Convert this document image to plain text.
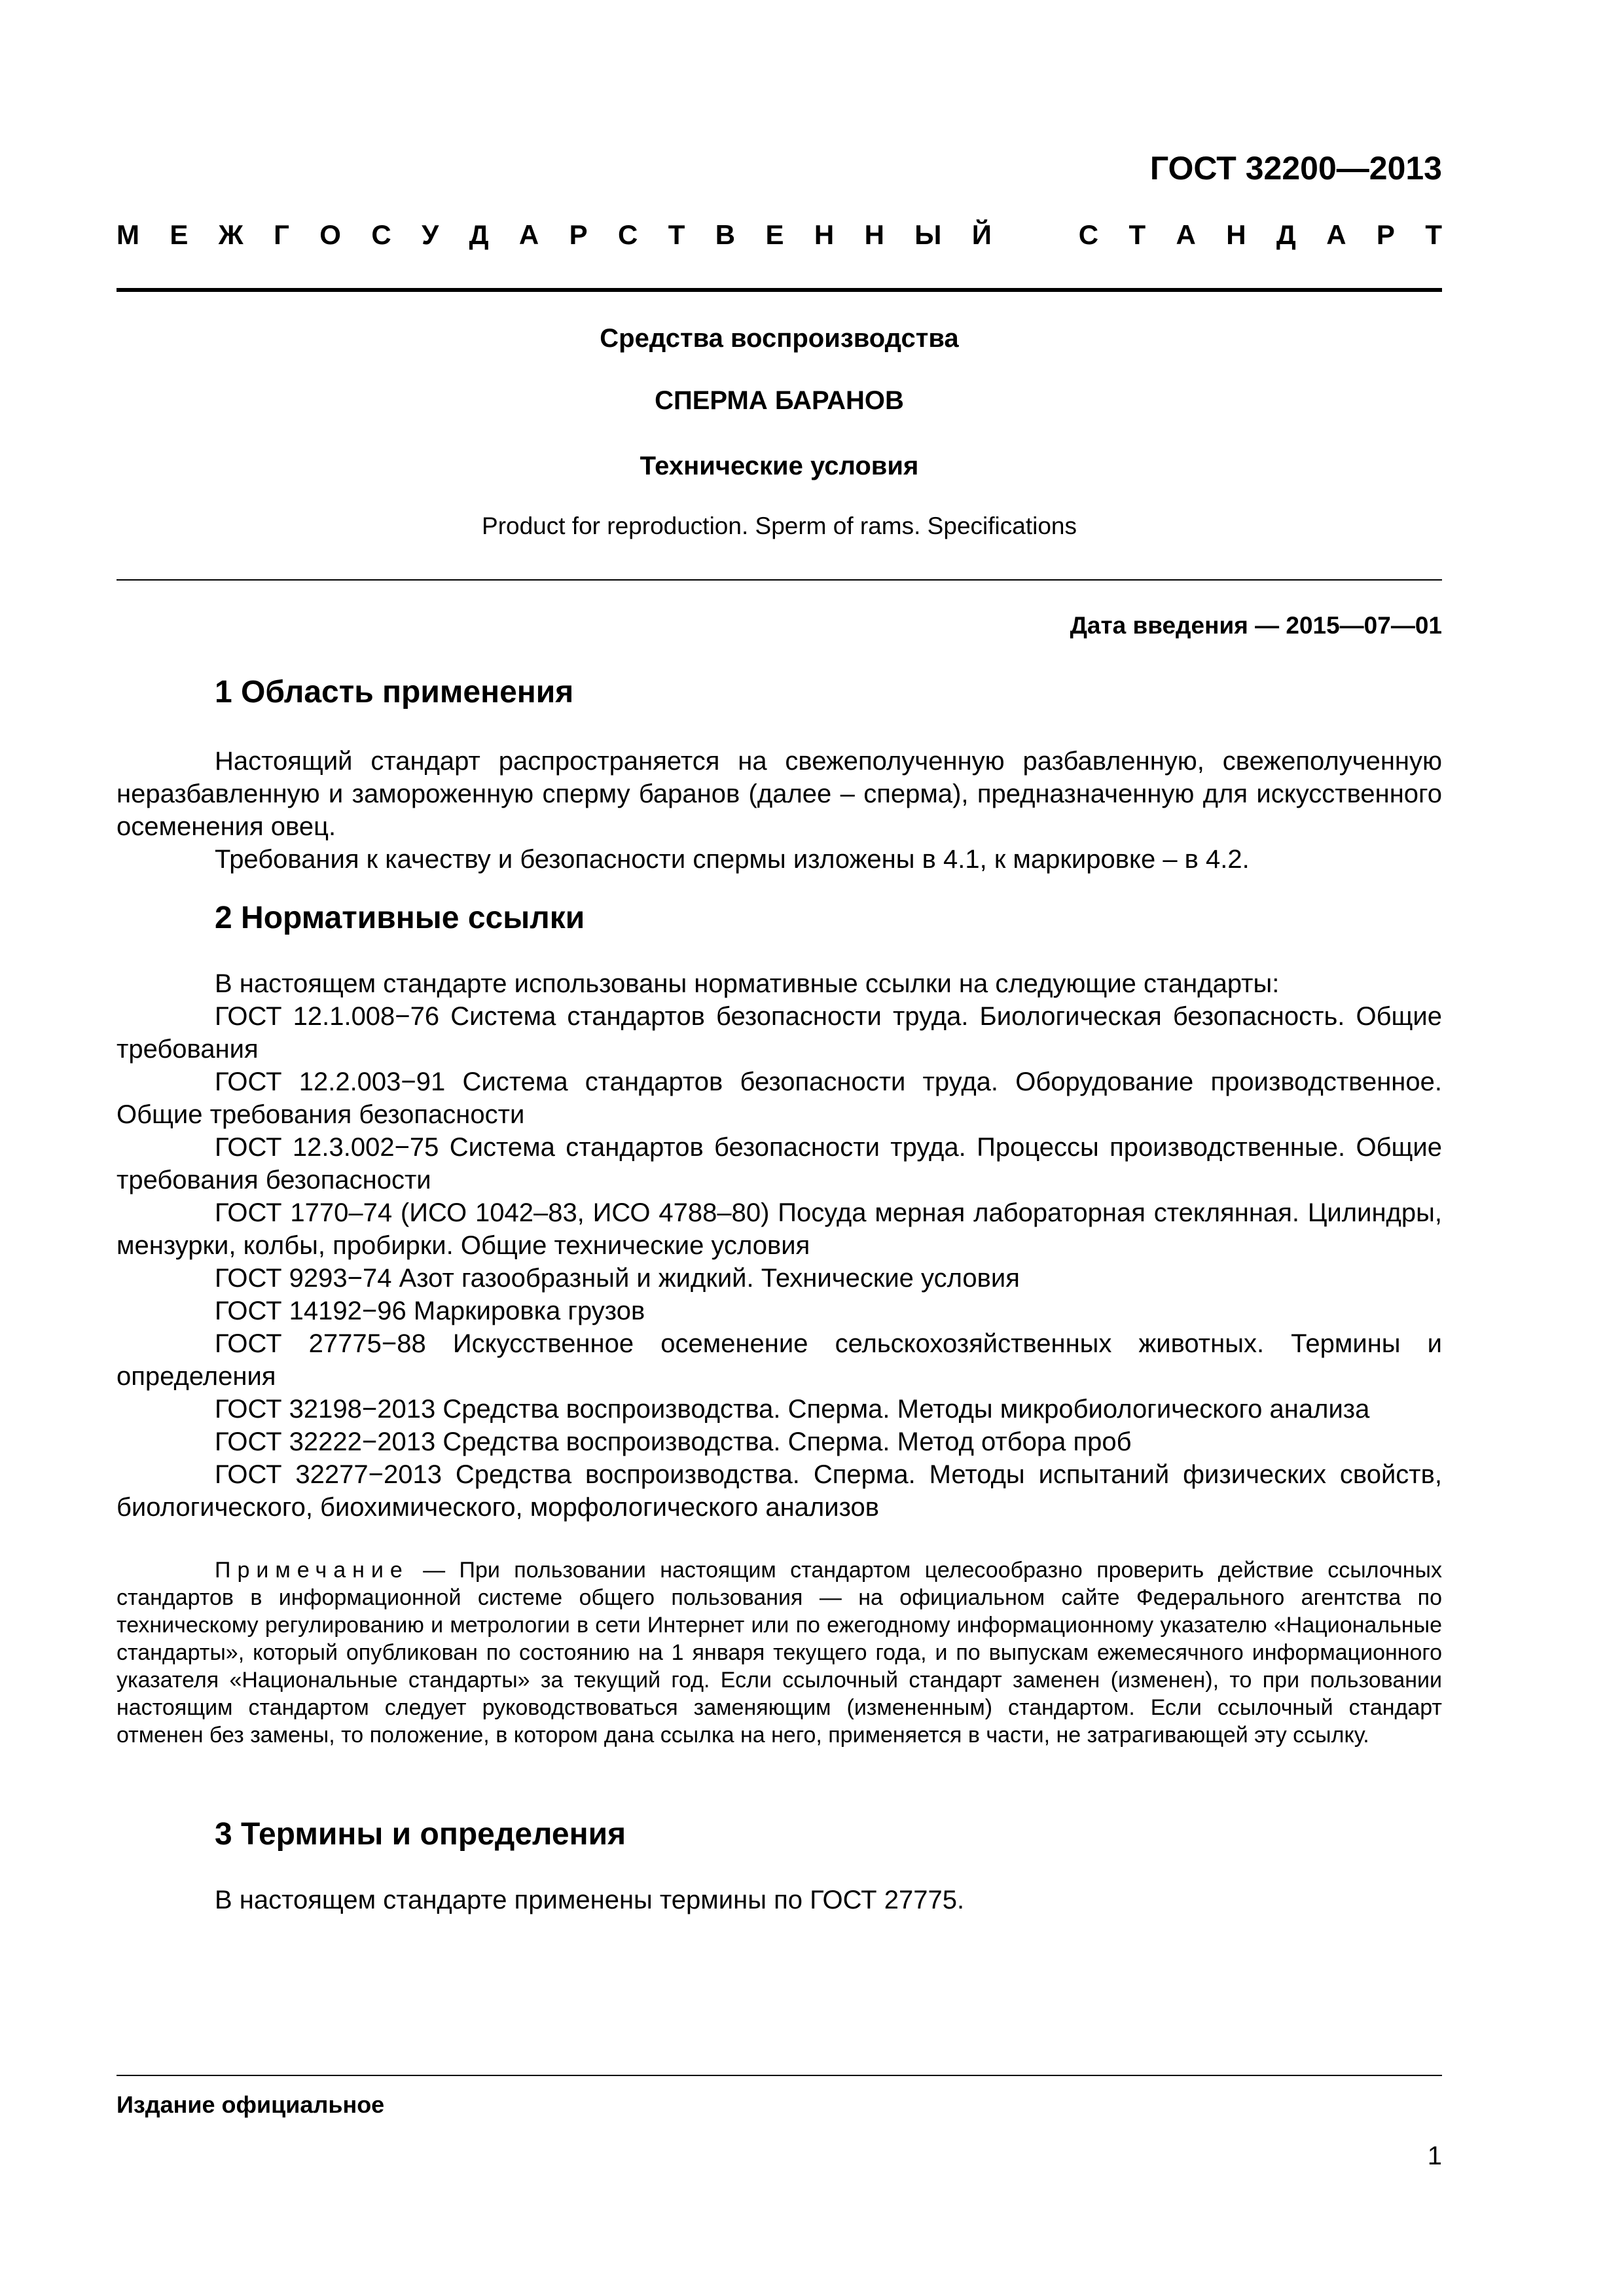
ГОСТ 32200—2013
М Е Ж Г О С У Д А Р С Т В Е Н Н Ы Й	С Т А Н Д А Р Т
Средства воспроизводства
СПЕРМА БАРАНОВ
Технические условия
Product for reproduction. Sperm of rams. Specifications
Дата введения — 2015—07—01
1 Область применения

Настоящий стандарт распространяется на свежеполученную разбавленную, свежеполученную неразбавленную и замороженную сперму баранов (далее – сперма), предназначенную для искусственного осеменения овец.

Требования к качеству и безопасности спермы изложены в 4.1, к маркировке – в 4.2.

2 Нормативные ссылки

В настоящем стандарте использованы нормативные ссылки на следующие стандарты:

ГОСТ 12.1.008−76 Система стандартов безопасности труда. Биологическая безопасность. Общие требования

ГОСТ 12.2.003−91 Система стандартов безопасности труда. Оборудование производственное. Общие требования безопасности

ГОСТ 12.3.002−75 Система стандартов безопасности труда. Процессы производственные. Общие требования безопасности

ГОСТ 1770–74 (ИСО 1042–83, ИСО 4788–80) Посуда мерная лабораторная стеклянная. Цилиндры, мензурки, колбы, пробирки. Общие технические условия

ГОСТ 9293−74 Азот газообразный и жидкий. Технические условия

ГОСТ 14192−96 Маркировка грузов

ГОСТ 27775−88 Искусственное осеменение сельскохозяйственных животных. Термины и определения

ГОСТ 32198−2013 Средства воспроизводства. Сперма. Методы микробиологического анализа

ГОСТ 32222−2013 Средства воспроизводства. Сперма. Метод отбора проб

ГОСТ 32277−2013 Средства воспроизводства. Сперма. Методы испытаний физических свойств, биологического, биохимического, морфологического анализов

Примечание — При пользовании настоящим стандартом целесообразно проверить действие ссылочных стандартов в информационной системе общего пользования — на официальном сайте Федерального агентства по техническому регулированию и метрологии в сети Интернет или по ежегодному информационному указателю «Национальные стандарты», который опубликован по состоянию на 1 января текущего года, и по выпускам ежемесячного информационного указателя «Национальные стандарты» за текущий год. Если ссылочный стандарт заменен (изменен), то при пользовании настоящим стандартом следует руководствоваться заменяющим (измененным) стандартом. Если ссылочный стандарт отменен без замены, то положение, в котором дана ссылка на него, применяется в части, не затрагивающей эту ссылку.

3 Термины и определения

В настоящем стандарте применены термины по ГОСТ 27775.

Издание официальное
1
